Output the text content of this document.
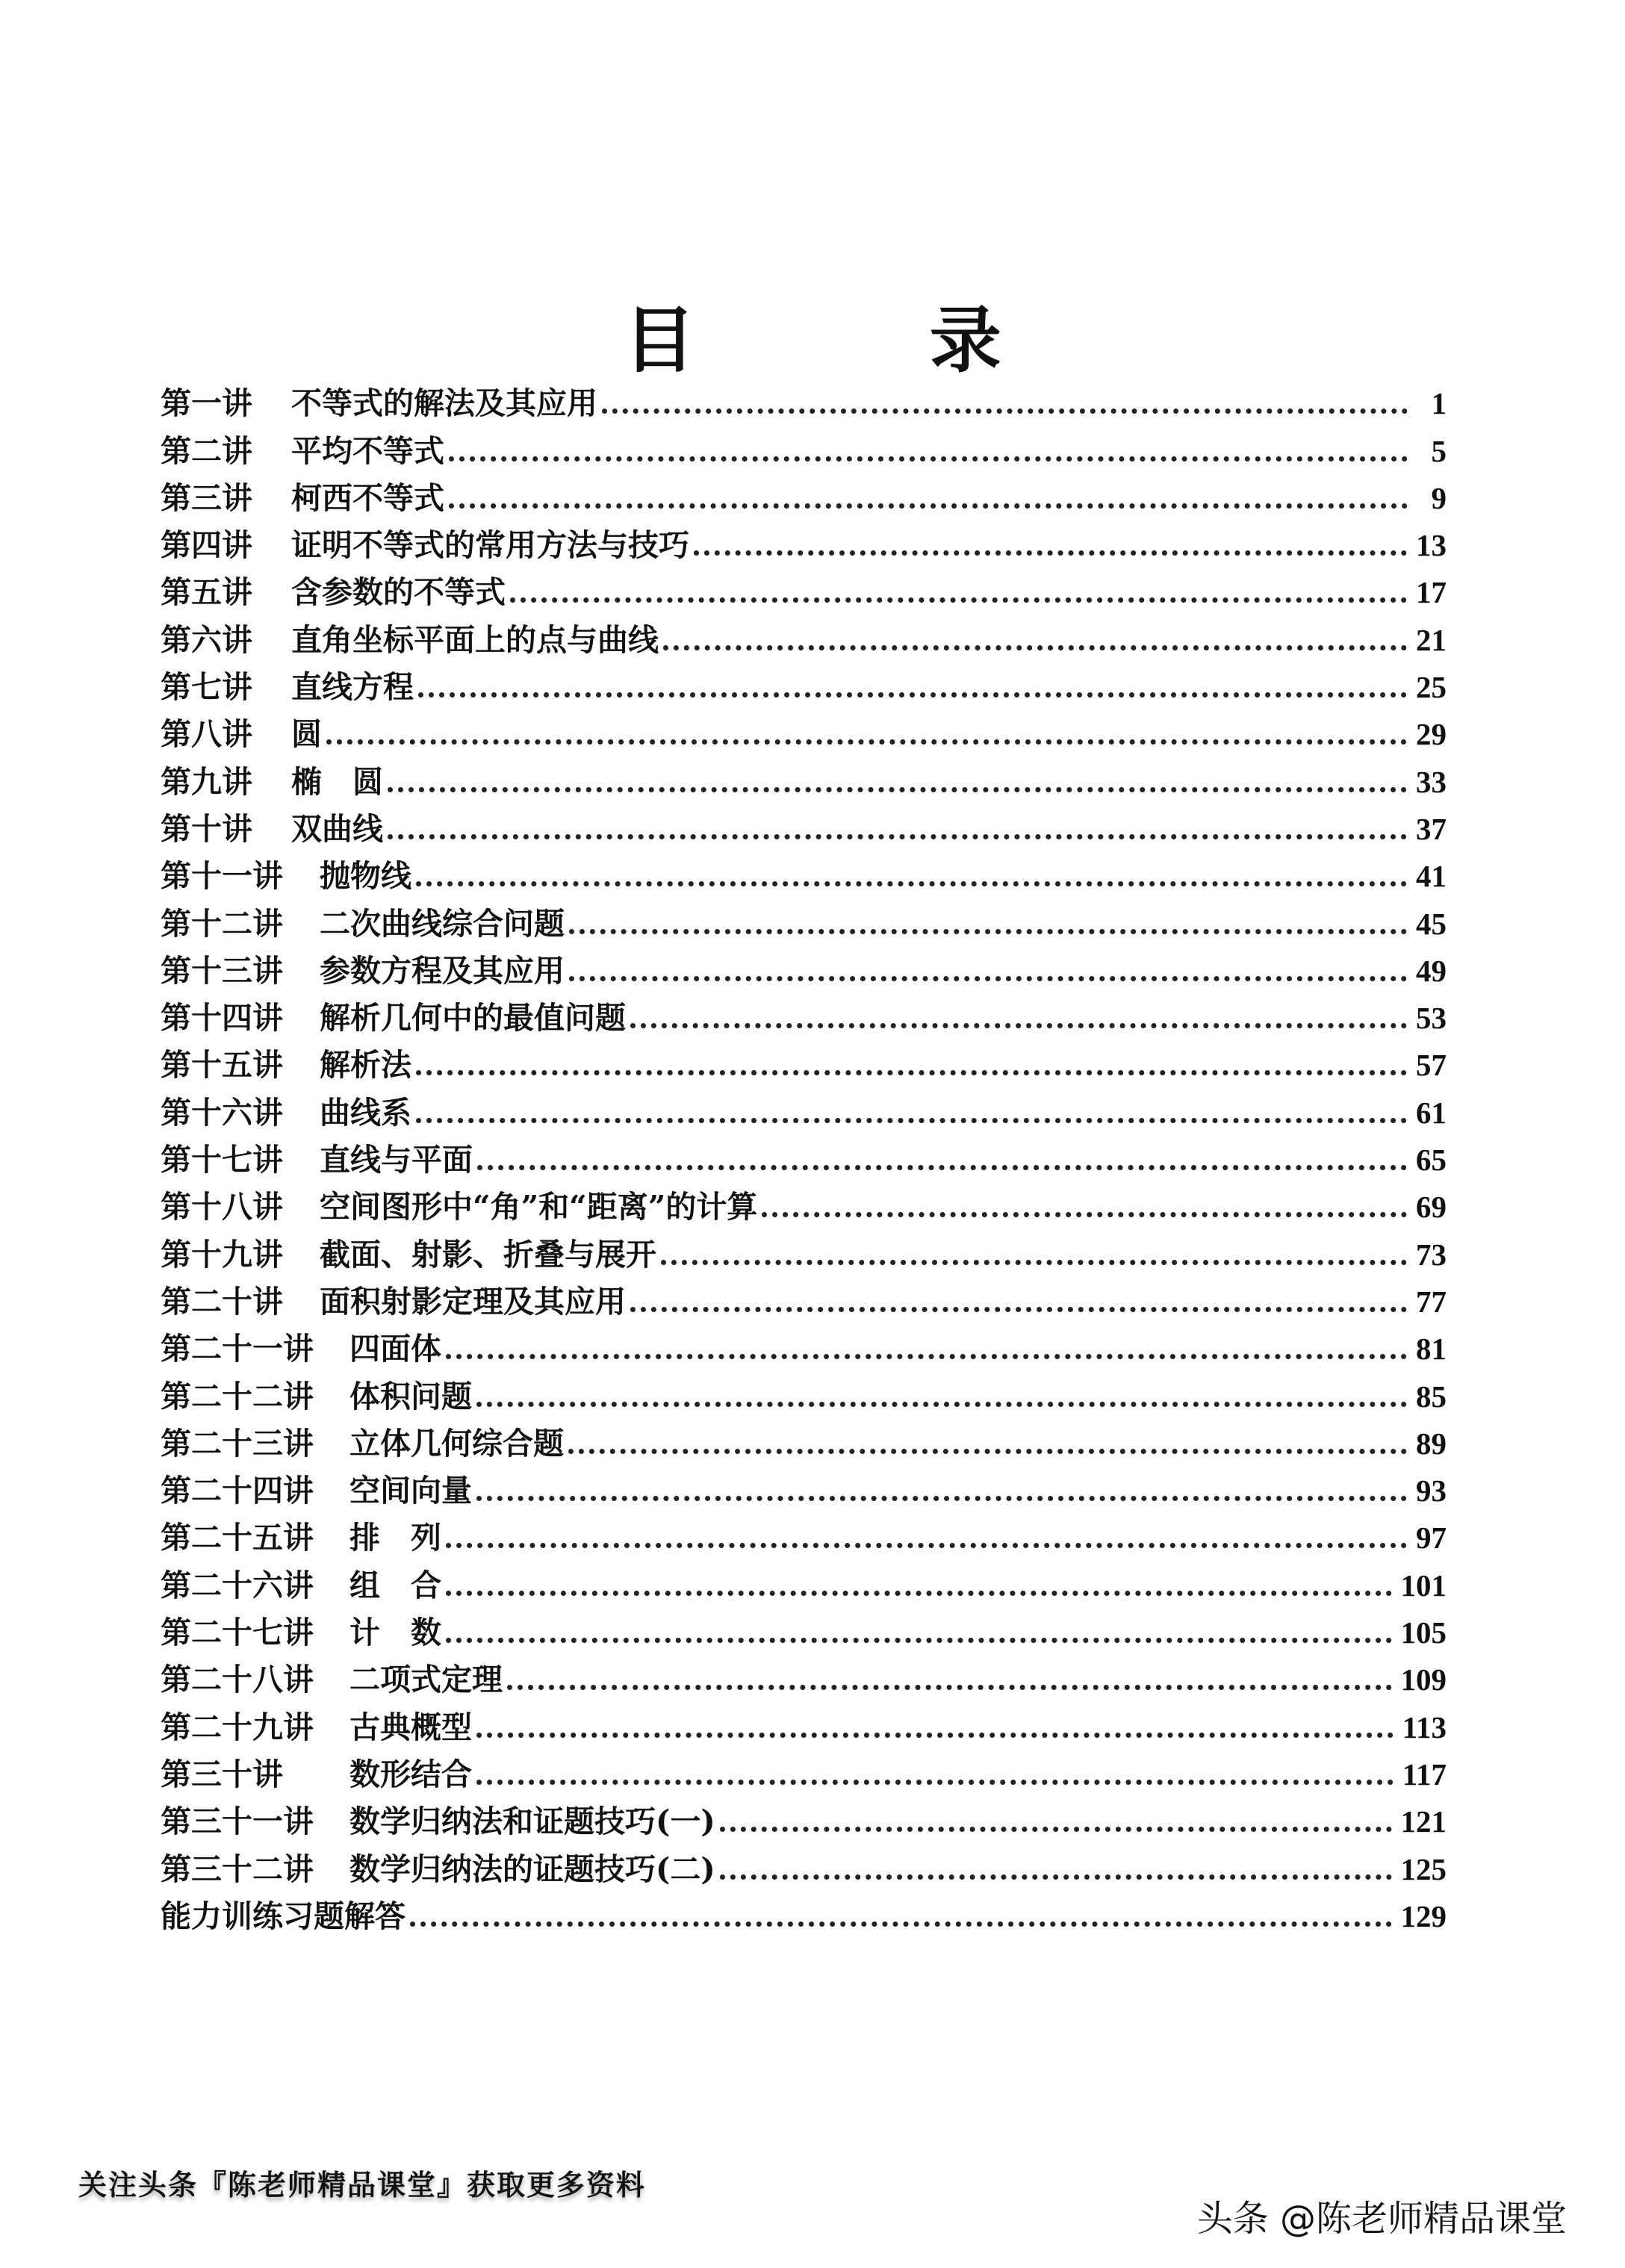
目 录
第一讲	不等式的解法及其应用	1
第二讲	平均不等式	5
第三讲	柯西不等式	9
第四讲	证明不等式的常用方法与技巧	13
第五讲	含参数的不等式	17
第六讲	直角坐标平面上的点与曲线	21
第七讲	直线方程	25
第八讲	圆	29
第九讲	椭　圆	33
第十讲	双曲线	37
第十一讲	抛物线	41
第十二讲	二次曲线综合问题	45
第十三讲	参数方程及其应用	49
第十四讲	解析几何中的最值问题	53
第十五讲	解析法	57
第十六讲	曲线系	61
第十七讲	直线与平面	65
第十八讲	空间图形中“角”和“距离”的计算	69
第十九讲	截面、射影、折叠与展开	73
第二十讲	面积射影定理及其应用	77
第二十一讲	四面体	81
第二十二讲	体积问题	85
第二十三讲	立体几何综合题	89
第二十四讲	空间向量	93
第二十五讲	排　列	97
第二十六讲	组　合	101
第二十七讲	计　数	105
第二十八讲	二项式定理	109
第二十九讲	古典概型	113
第三十讲	数形结合	117
第三十一讲	数学归纳法和证题技巧(一)	121
第三十二讲	数学归纳法的证题技巧(二)	125
能力训练习题解答	129
关注头条『陈老师精品课堂』获取更多资料
头条 @陈老师精品课堂
